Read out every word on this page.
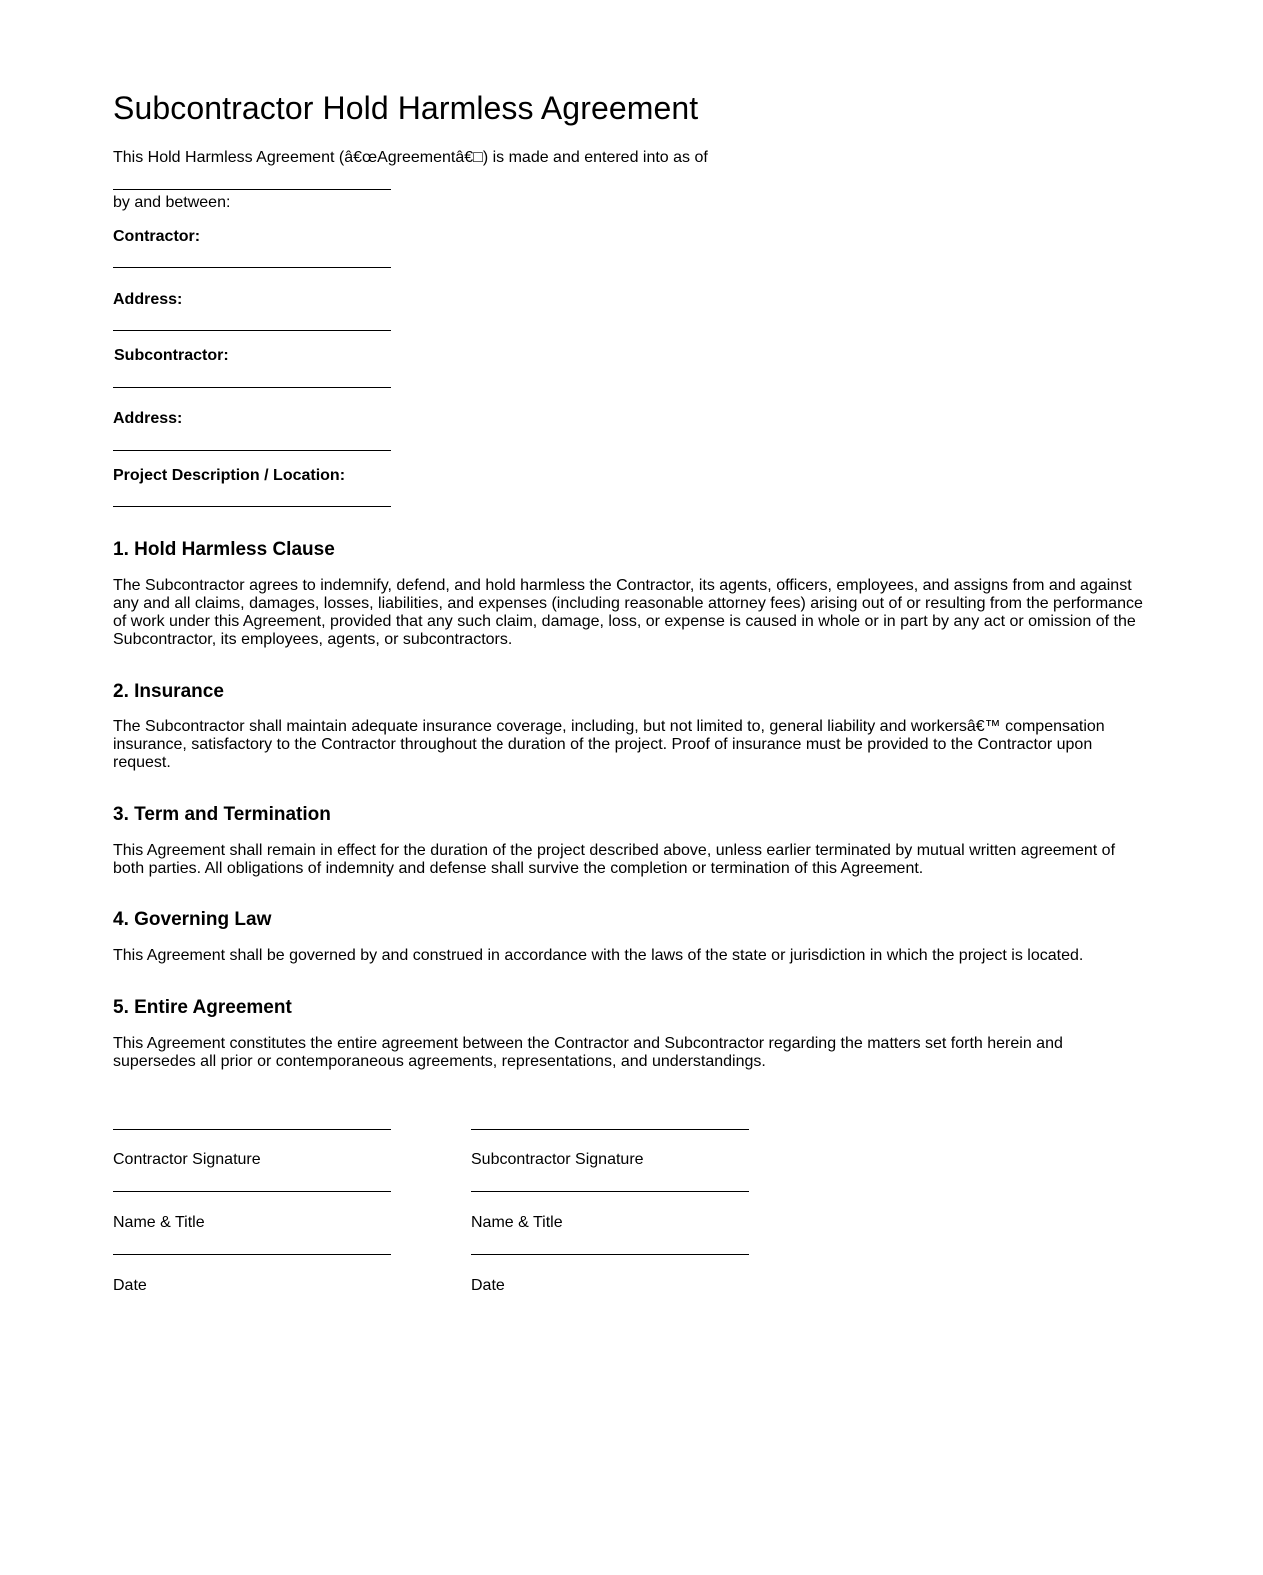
Subcontractor Hold Harmless Agreement
This Hold Harmless Agreement (â€œAgreementâ€□) is made and entered into as of
by and between:
Contractor:
Address:
Subcontractor:
Address:
Project Description / Location:
1. Hold Harmless Clause
The Subcontractor agrees to indemnify, defend, and hold harmless the Contractor, its agents, officers, employees, and assigns from and against any and all claims, damages, losses, liabilities, and expenses (including reasonable attorney fees) arising out of or resulting from the performance of work under this Agreement, provided that any such claim, damage, loss, or expense is caused in whole or in part by any act or omission of the Subcontractor, its employees, agents, or subcontractors.
2. Insurance
The Subcontractor shall maintain adequate insurance coverage, including, but not limited to, general liability and workersâ€™ compensation insurance, satisfactory to the Contractor throughout the duration of the project. Proof of insurance must be provided to the Contractor upon request.
3. Term and Termination
This Agreement shall remain in effect for the duration of the project described above, unless earlier terminated by mutual written agreement of both parties. All obligations of indemnity and defense shall survive the completion or termination of this Agreement.
4. Governing Law
This Agreement shall be governed by and construed in accordance with the laws of the state or jurisdiction in which the project is located.
5. Entire Agreement
This Agreement constitutes the entire agreement between the Contractor and Subcontractor regarding the matters set forth herein and supersedes all prior or contemporaneous agreements, representations, and understandings.
Contractor Signature
Name & Title
Date
Subcontractor Signature
Name & Title
Date
